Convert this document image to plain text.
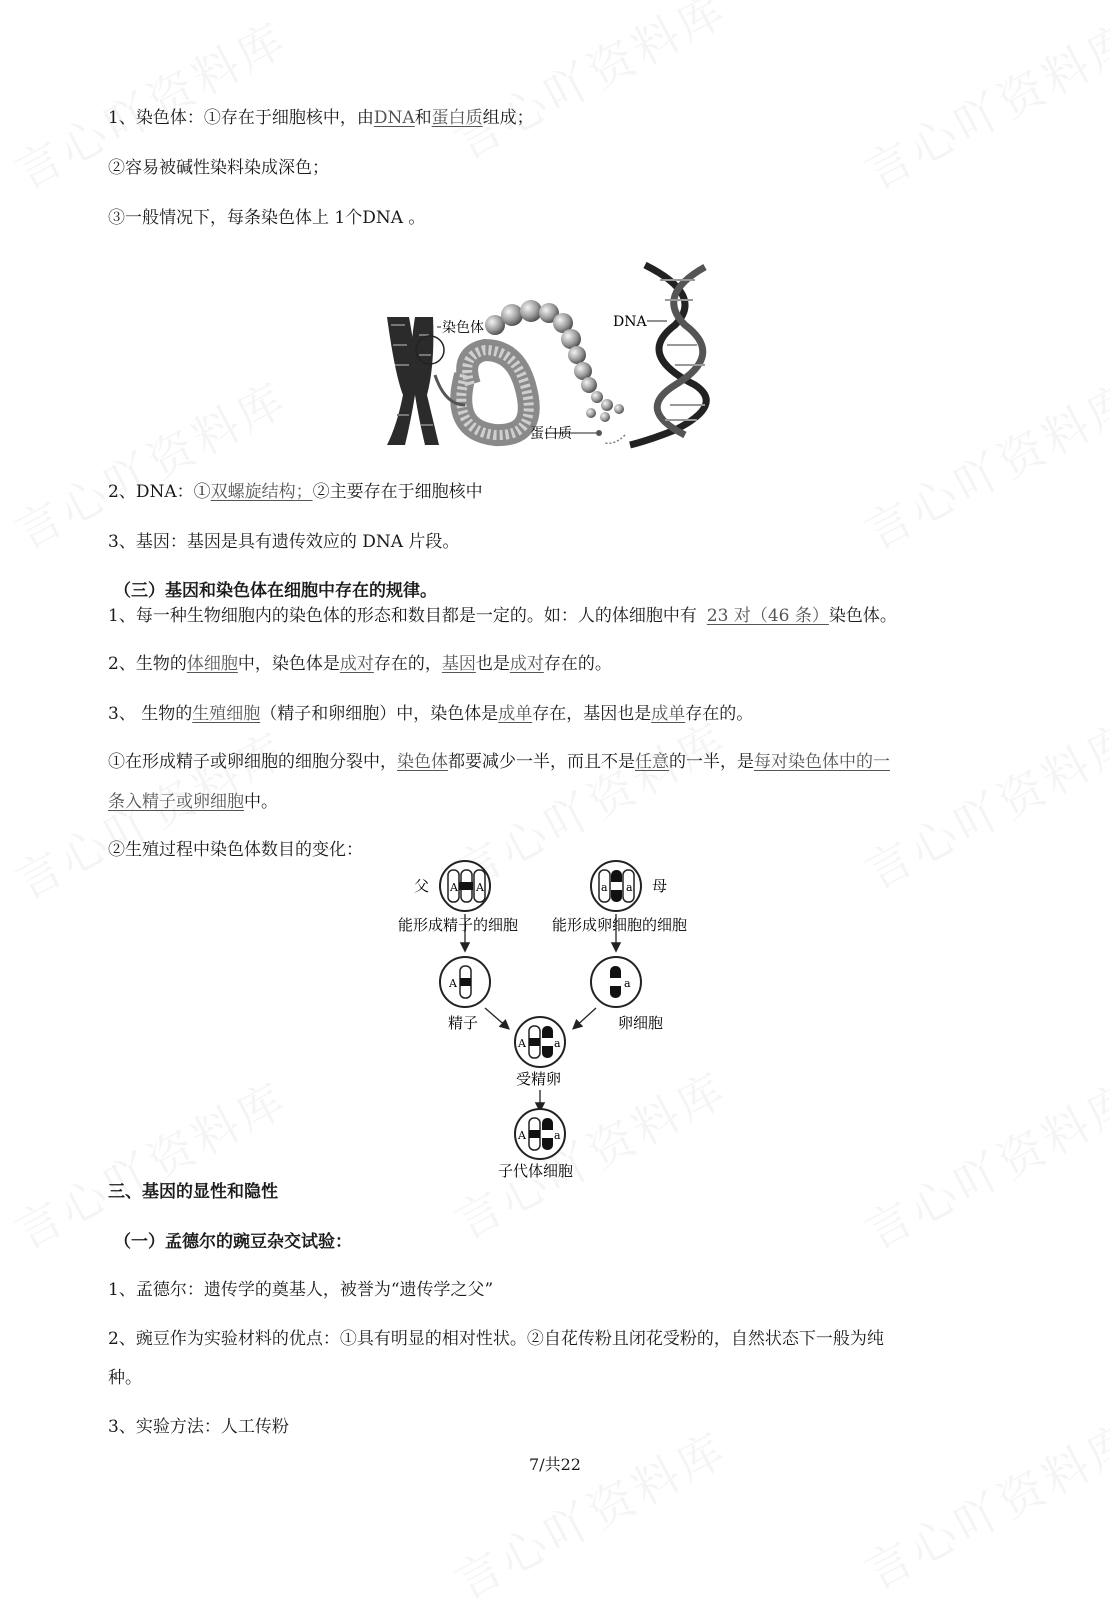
1、染色体：①存在于细胞核中，由DNA和蛋白质组成；
②容易被碱性染料染成深色；
③一般情况下，每条染色体上 1个DNA 。
染色体
蛋白质
DNA
2、DNA：①双螺旋结构；②主要存在于细胞核中
3、基因：基因是具有遗传效应的 DNA 片段。
（三）基因和染色体在细胞中存在的规律。
1、每一种生物细胞内的染色体的形态和数目都是一定的。如：人的体细胞中有 23 对（46 条）染色体。
2、生物的体细胞中，染色体是成对存在的，基因也是成对存在的。
3、 生物的生殖细胞（精子和卵细胞）中，染色体是成单存在，基因也是成单存在的。
①在形成精子或卵细胞的细胞分裂中，染色体都要减少一半，而且不是任意的一半，是每对染色体中的一
条入精子或卵细胞中。
②生殖过程中染色体数目的变化：
父 A A	母
a a
能形成精子的细胞 能形成卵细胞的细胞
A
精子
a
卵细胞
A	a
受精卵
A	a
子代体细胞
三、基因的显性和隐性
（一）孟德尔的豌豆杂交试验：
1、孟德尔：遗传学的奠基人，被誉为“遗传学之父”
2、豌豆作为实验材料的优点：①具有明显的相对性状。②自花传粉且闭花受粉的，自然状态下一般为纯
种。
3、实验方法：人工传粉
7/共22
